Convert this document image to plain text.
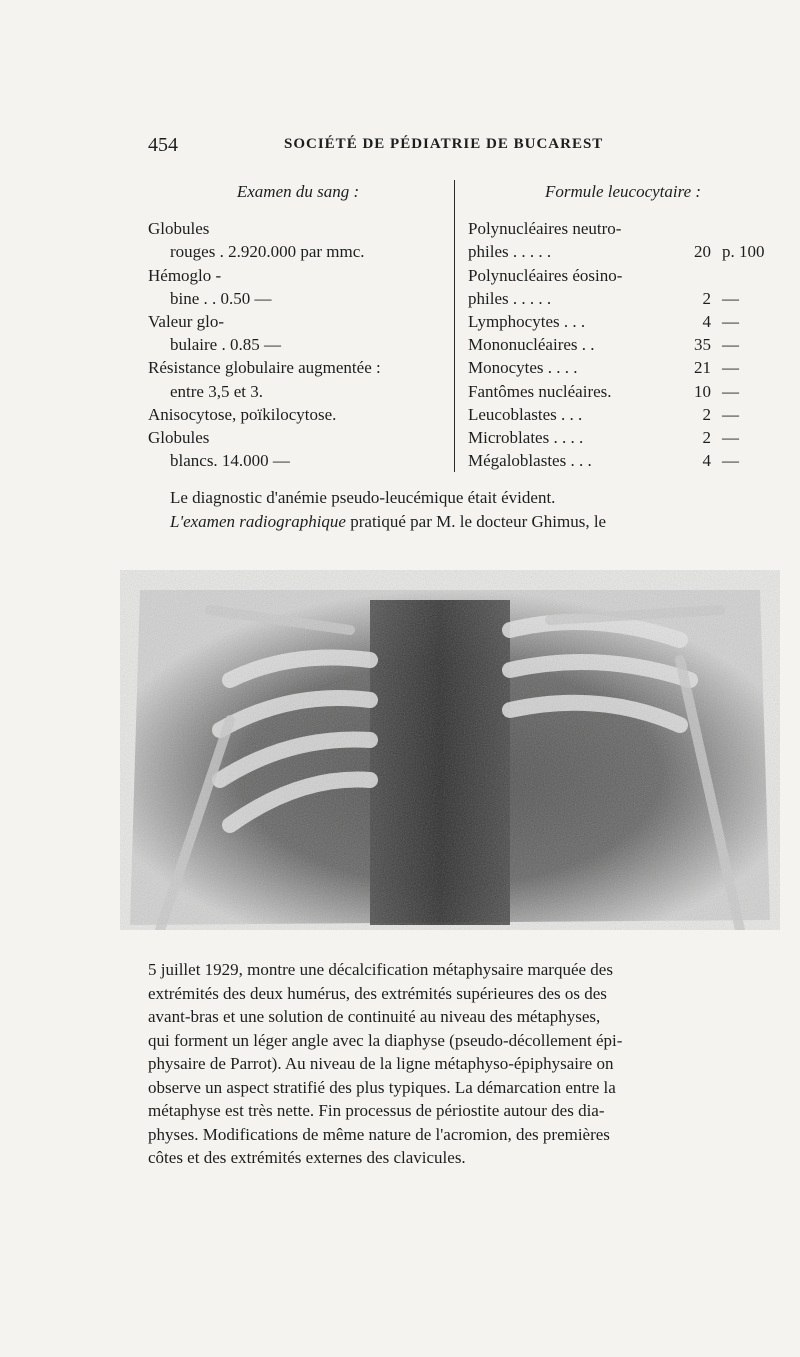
454	SOCIÉTÉ DE PÉDIATRIE DE BUCAREST
Examen du sang :
Globules
rouges . 2.920.000 par mmc.
Hémoglo -
bine . . 0.50 —
Valeur glo-
bulaire . 0.85 —
Résistance globulaire augmentée :
entre 3,5 et 3.
Anisocytose, poïkilocytose.
Globules
blancs. 14.000 —
Formule leucocytaire :
Polynucléaires neutro-
philes . . . . .	20 p. 100
Polynucléaires éosino-
philes . . . . .	2 —
Lymphocytes . . .	4 —
Mononucléaires . .	35 —
Monocytes . . . .	21 —
Fantômes nucléaires.	10 —
Leucoblastes . . .	2 —
Microblates . . . .	2 —
Mégaloblastes . . .	4 —
Le diagnostic d'anémie pseudo-leucémique était évident.
L'examen radiographique pratiqué par M. le docteur Ghimus, le
5 juillet 1929, montre une décalcification métaphysaire marquée des
extrémités des deux humérus, des extrémités supérieures des os des
avant-bras et une solution de continuité au niveau des métaphyses,
qui forment un léger angle avec la diaphyse (pseudo-décollement épi-
physaire de Parrot). Au niveau de la ligne métaphyso-épiphysaire on
observe un aspect stratifié des plus typiques. La démarcation entre la
métaphyse est très nette. Fin processus de périostite autour des dia-
physes. Modifications de même nature de l'acromion, des premières
côtes et des extrémités externes des clavicules.
